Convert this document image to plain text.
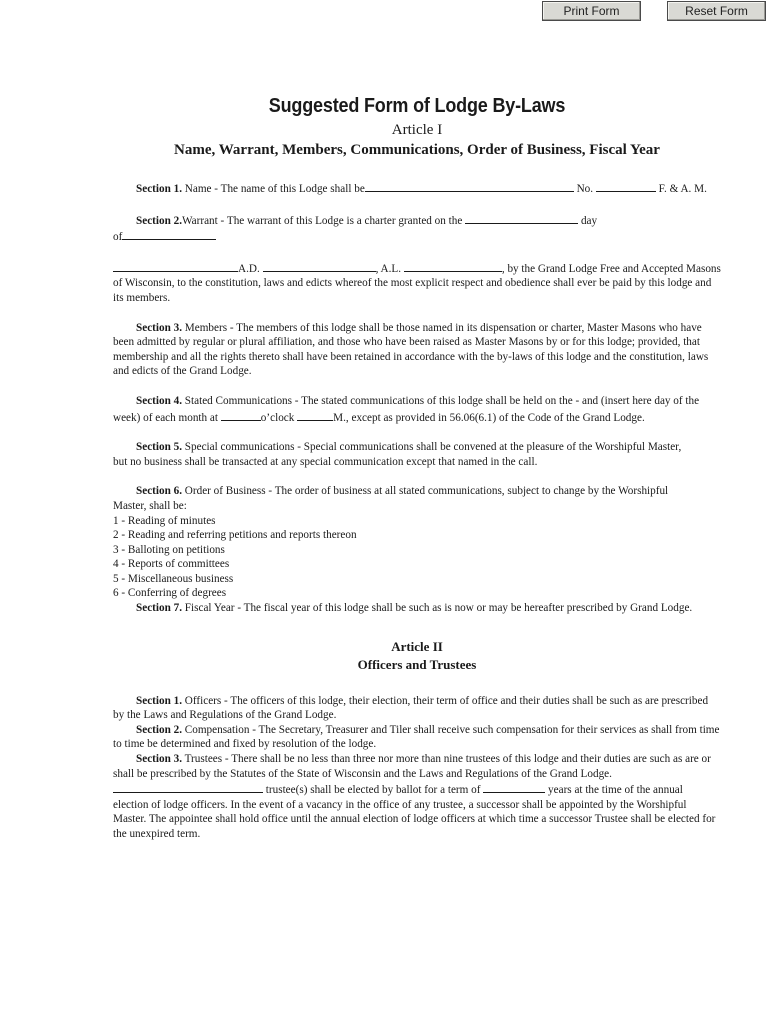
Print Form	Reset Form
Suggested Form of Lodge By-Laws
Article I
Name, Warrant, Members, Communications, Order of Business, Fiscal Year

Section 1. Name - The name of this Lodge shall be	No.	F. & A. M.

Section 2.Warrant - The warrant of this Lodge is a charter granted on the	day
of

A.D.	, A.L.	, by the Grand Lodge Free and Accepted Masons of Wisconsin, to the constitution, laws and edicts whereof the most explicit respect and obedience shall ever be paid by this lodge and its members.

Section 3. Members - The members of this lodge shall be those named in its dispensation or charter, Master Masons who have been admitted by regular or plural affiliation, and those who have been raised as Master Masons by or for this lodge; provided, that membership and all the rights thereto shall have been retained in accordance with the by-laws of this lodge and the constitution, laws and edicts of the Grand Lodge.

Section 4. Stated Communications - The stated communications of this lodge shall be held on the - and (insert here day of the week) of each month at	o’clock	M., except as provided in 56.06(6.1) of the Code of the Grand Lodge.

Section 5. Special communications - Special communications shall be convened at the pleasure of the Worshipful Master,

but no business shall be transacted at any special communication except that named in the call.

Section 6. Order of Business - The order of business at all stated communications, subject to change by the Worshipful

Master, shall be:

1 - Reading of minutes

2 - Reading and referring petitions and reports thereon

3 - Balloting on petitions

4 - Reports of committees

5 - Miscellaneous business

6 - Conferring of degrees

Section 7. Fiscal Year - The fiscal year of this lodge shall be such as is now or may be hereafter prescribed by Grand Lodge.

Article II
Officers and Trustees

Section 1. Officers - The officers of this lodge, their election, their term of office and their duties shall be such as are prescribed by the Laws and Regulations of the Grand Lodge.

Section 2. Compensation - The Secretary, Treasurer and Tiler shall receive such compensation for their services as shall from time to time be determined and fixed by resolution of the lodge.

Section 3. Trustees - There shall be no less than three nor more than nine trustees of this lodge and their duties are such as are or shall be prescribed by the Statutes of the State of Wisconsin and the Laws and Regulations of the Grand Lodge.

trustee(s) shall be elected by ballot for a term of	years at the time of the annual election of lodge officers. In the event of a vacancy in the office of any trustee, a successor shall be appointed by the Worshipful Master. The appointee shall hold office until the annual election of lodge officers at which time a successor Trustee shall be elected for the unexpired term.
